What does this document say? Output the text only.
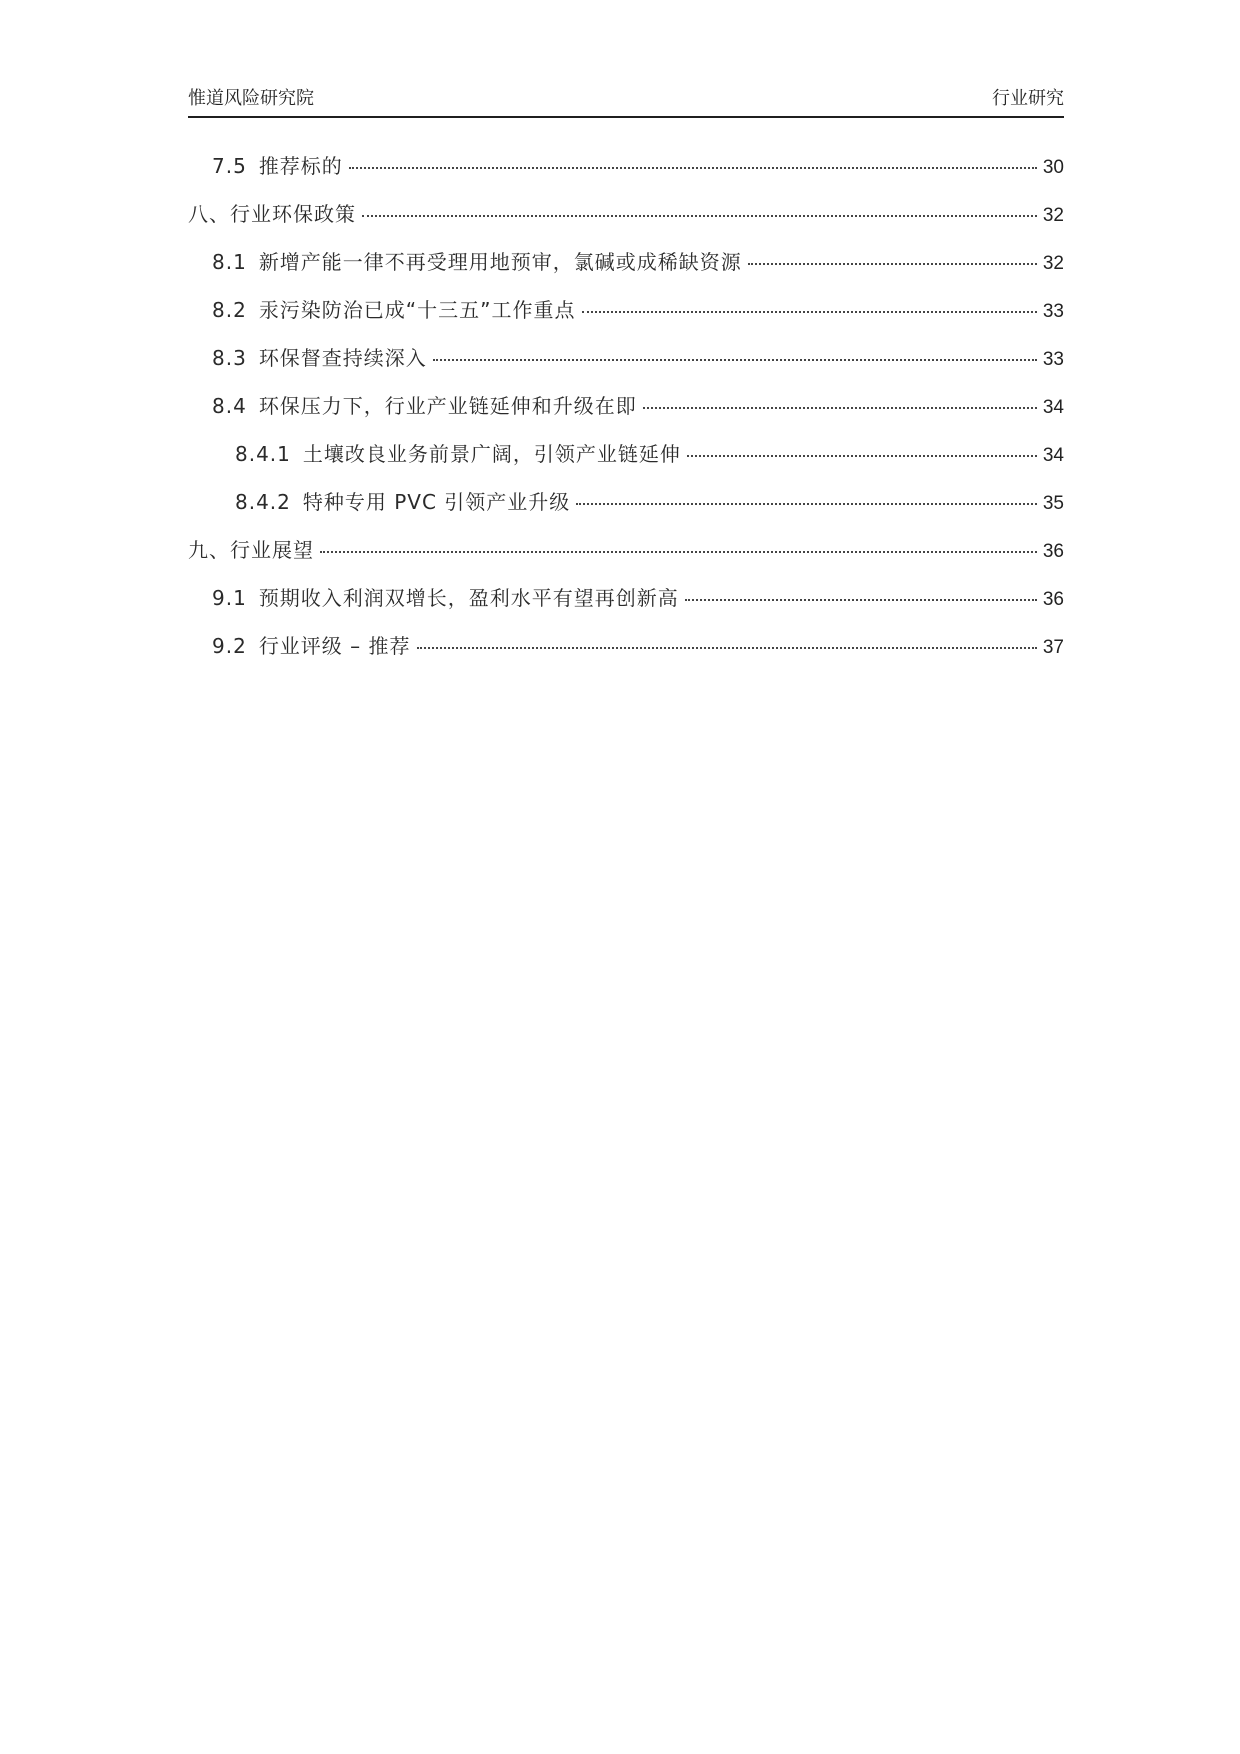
惟道风险研究院	行业研究
7.5 推荐标的	30
八、 行业环保政策	32
8.1 新增产能一律不再受理用地预审，氯碱或成稀缺资源	32
8.2 汞污染防治已成“十三五”工作重点	33
8.3 环保督查持续深入	33
8.4 环保压力下，行业产业链延伸和升级在即	34
8.4.1 土壤改良业务前景广阔，引领产业链延伸	34
8.4.2 特种专用 PVC 引领产业升级	35
九、 行业展望	36
9.1 预期收入利润双增长，盈利水平有望再创新高	36
9.2 行业评级 – 推荐	37
